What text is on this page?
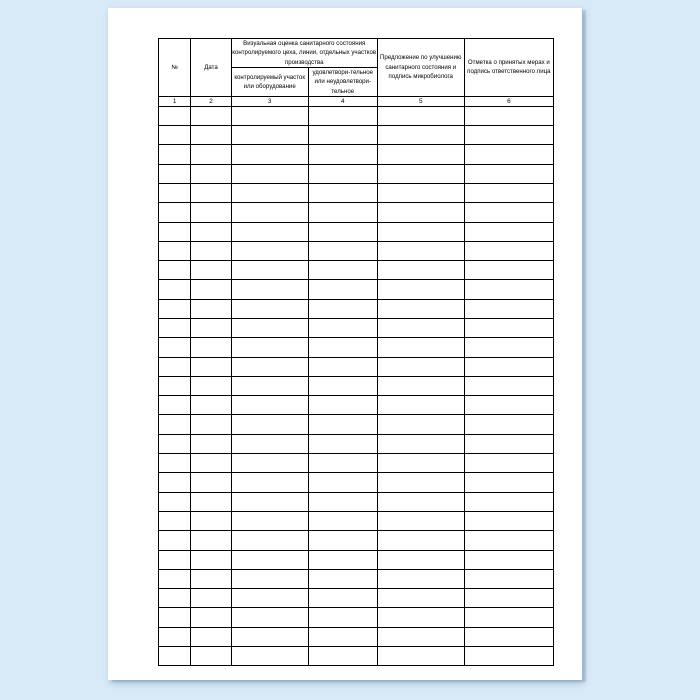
№	Дата	Визуальная оценка санитарного состояния контролируемого цеха, линии, отдельных участков производства		Предложение по улучшению санитарного состояния и подпись микробиолога	Отметка о принятых мерах и подпись ответственного лица
		контролируемый участок или оборудование	удовлетвори-тельное или неудовлетвори-тельное		
1	2	3	4	5	6
